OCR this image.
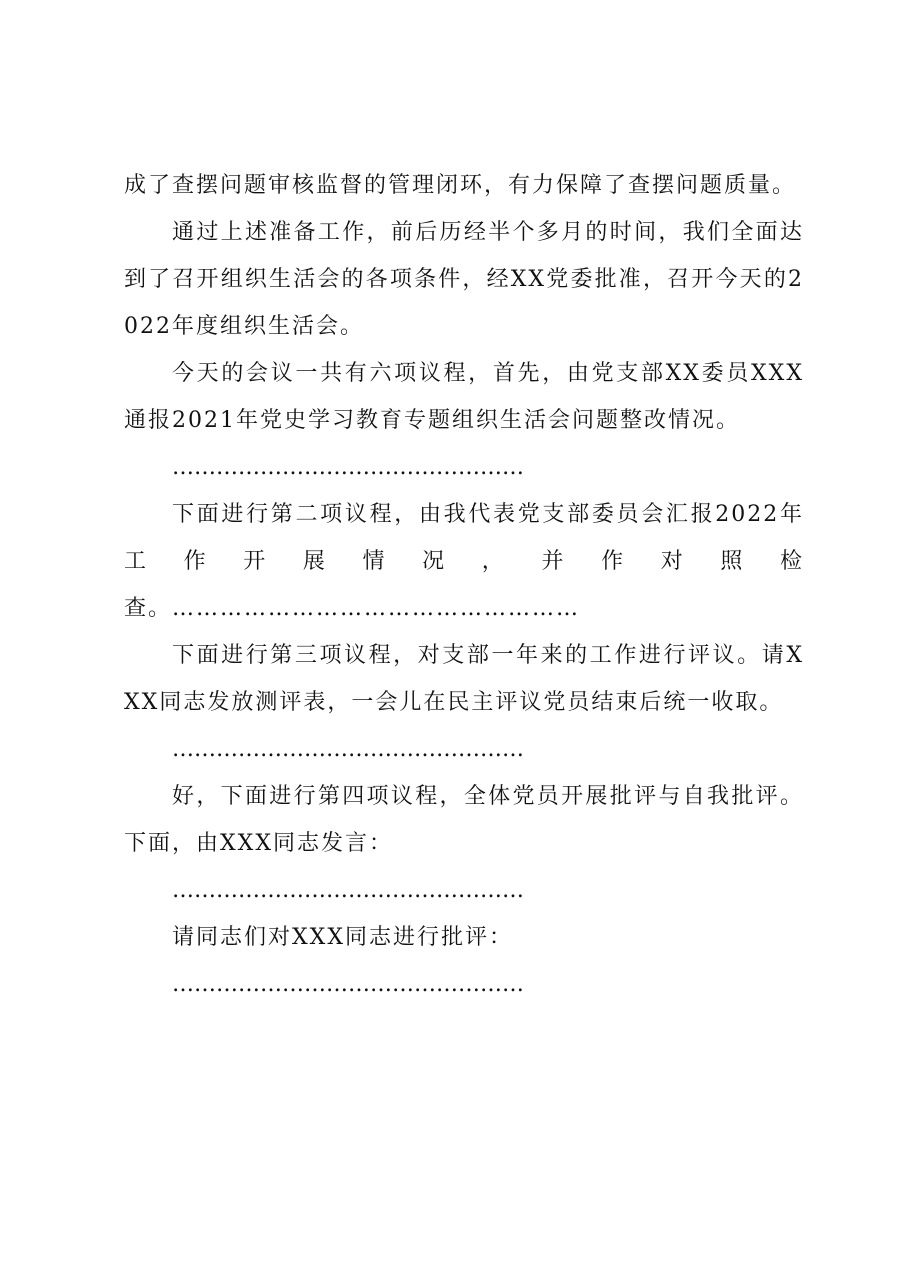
成了查摆问题审核监督的管理闭环，有力保障了查摆问题质量。

通过上述准备工作，前后历经半个多月的时间，我们全面达到了召开组织生活会的各项条件，经XX党委批准，召开今天的2022年度组织生活会。

今天的会议一共有六项议程，首先，由党支部XX委员XXX通报2021年党史学习教育专题组织生活会问题整改情况。

…………………………………………

下面进行第二项议程，由我代表党支部委员会汇报2022年工作开展情况，并作对照检查。……………………………………………

下面进行第三项议程，对支部一年来的工作进行评议。请XXX同志发放测评表，一会儿在民主评议党员结束后统一收取。

…………………………………………

好，下面进行第四项议程，全体党员开展批评与自我批评。下面，由XXX同志发言：

…………………………………………

请同志们对XXX同志进行批评：

…………………………………………
